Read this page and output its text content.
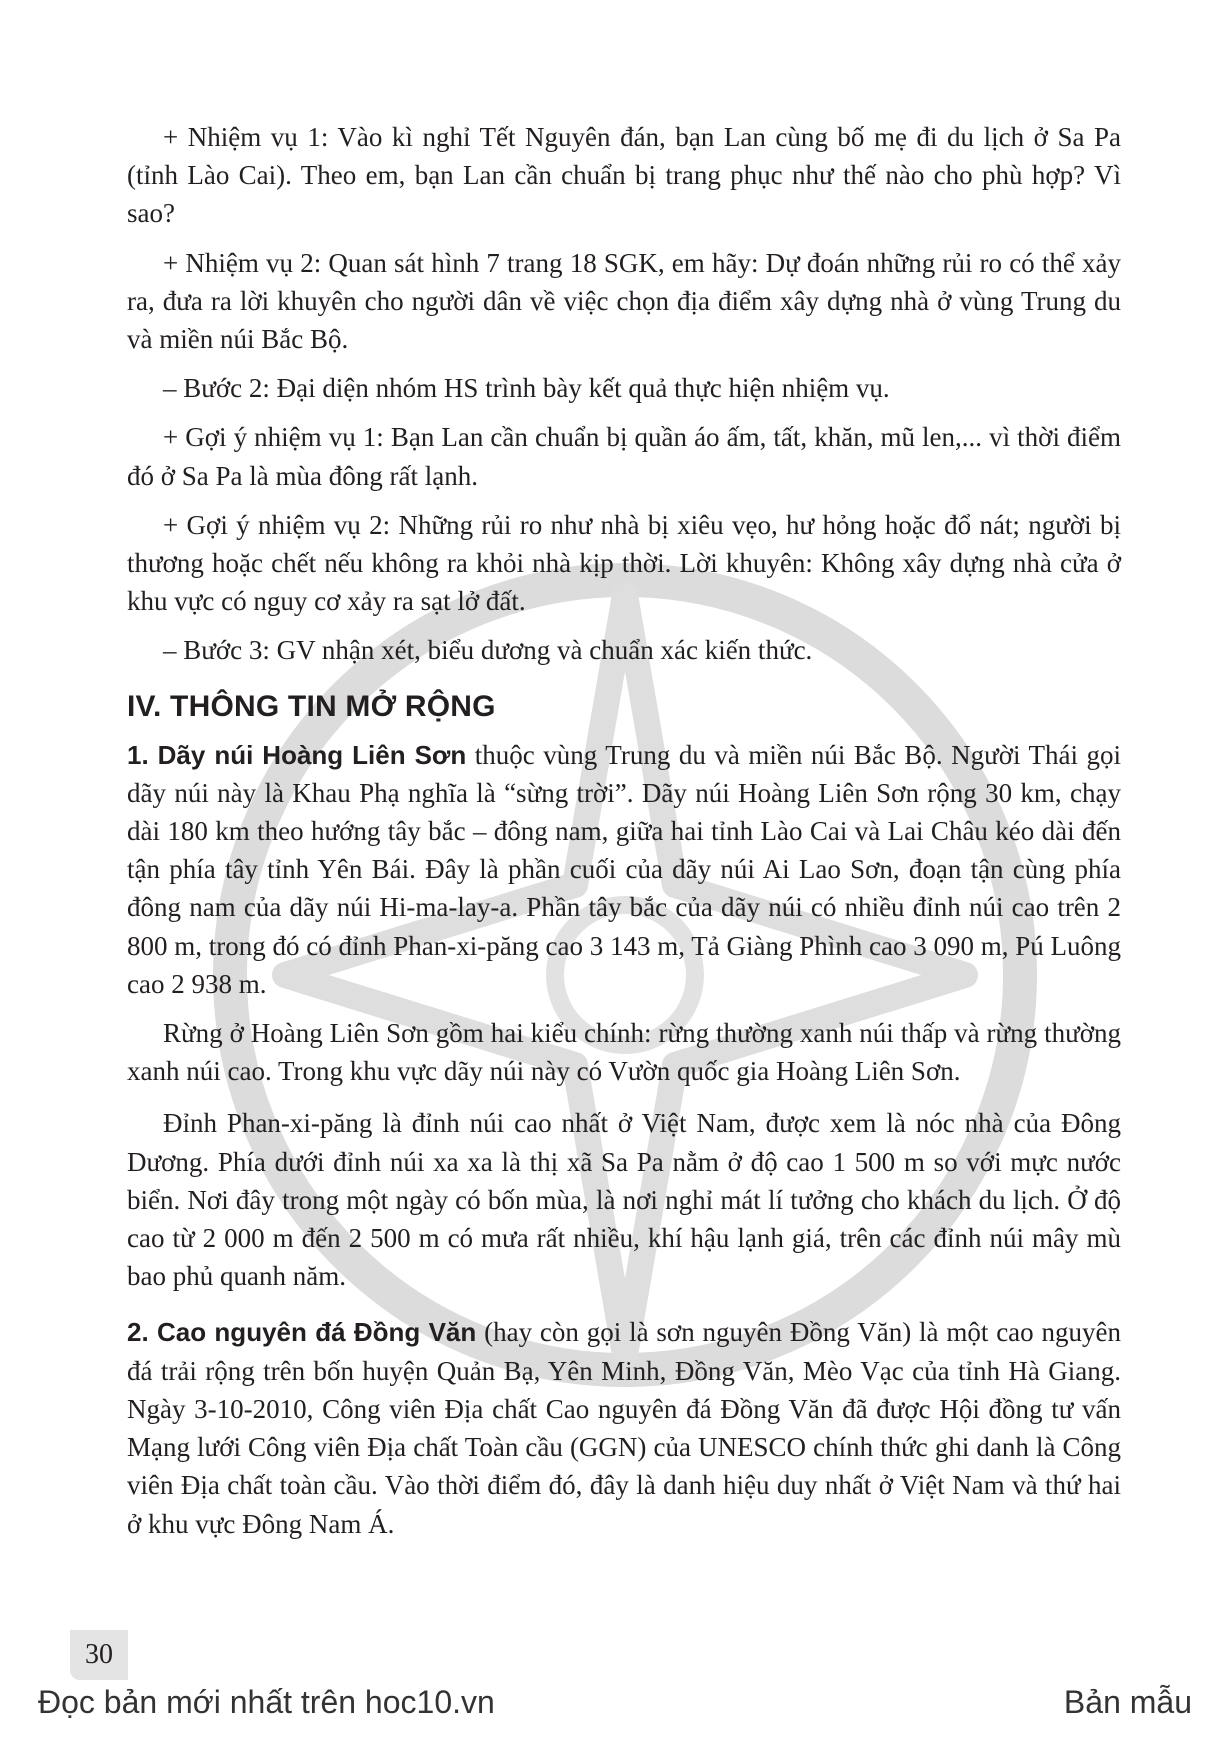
+ Nhiệm vụ 1: Vào kì nghỉ Tết Nguyên đán, bạn Lan cùng bố mẹ đi du lịch ở Sa Pa (tỉnh Lào Cai). Theo em, bạn Lan cần chuẩn bị trang phục như thế nào cho phù hợp? Vì sao?

+ Nhiệm vụ 2: Quan sát hình 7 trang 18 SGK, em hãy: Dự đoán những rủi ro có thể xảy ra, đưa ra lời khuyên cho người dân về việc chọn địa điểm xây dựng nhà ở vùng Trung du và miền núi Bắc Bộ.

– Bước 2: Đại diện nhóm HS trình bày kết quả thực hiện nhiệm vụ.

+ Gợi ý nhiệm vụ 1: Bạn Lan cần chuẩn bị quần áo ấm, tất, khăn, mũ len,... vì thời điểm đó ở Sa Pa là mùa đông rất lạnh.

+ Gợi ý nhiệm vụ 2: Những rủi ro như nhà bị xiêu vẹo, hư hỏng hoặc đổ nát; người bị thương hoặc chết nếu không ra khỏi nhà kịp thời. Lời khuyên: Không xây dựng nhà cửa ở khu vực có nguy cơ xảy ra sạt lở đất.

– Bước 3: GV nhận xét, biểu dương và chuẩn xác kiến thức.

IV. THÔNG TIN MỞ RỘNG

1. Dãy núi Hoàng Liên Sơn thuộc vùng Trung du và miền núi Bắc Bộ. Người Thái gọi dãy núi này là Khau Phạ nghĩa là “sừng trời”. Dãy núi Hoàng Liên Sơn rộng 30 km, chạy dài 180 km theo hướng tây bắc – đông nam, giữa hai tỉnh Lào Cai và Lai Châu kéo dài đến tận phía tây tỉnh Yên Bái. Đây là phần cuối của dãy núi Ai Lao Sơn, đoạn tận cùng phía đông nam của dãy núi Hi-ma-lay-a. Phần tây bắc của dãy núi có nhiều đỉnh núi cao trên 2 800 m, trong đó có đỉnh Phan-xi-păng cao 3 143 m, Tả Giàng Phình cao 3 090 m, Pú Luông cao 2 938 m.

Rừng ở Hoàng Liên Sơn gồm hai kiểu chính: rừng thường xanh núi thấp và rừng thường xanh núi cao. Trong khu vực dãy núi này có Vườn quốc gia Hoàng Liên Sơn.

Đỉnh Phan-xi-păng là đỉnh núi cao nhất ở Việt Nam, được xem là nóc nhà của Đông Dương. Phía dưới đỉnh núi xa xa là thị xã Sa Pa nằm ở độ cao 1 500 m so với mực nước biển. Nơi đây trong một ngày có bốn mùa, là nơi nghỉ mát lí tưởng cho khách du lịch. Ở độ cao từ 2 000 m đến 2 500 m có mưa rất nhiều, khí hậu lạnh giá, trên các đỉnh núi mây mù bao phủ quanh năm.

2. Cao nguyên đá Đồng Văn (hay còn gọi là sơn nguyên Đồng Văn) là một cao nguyên đá trải rộng trên bốn huyện Quản Bạ, Yên Minh, Đồng Văn, Mèo Vạc của tỉnh Hà Giang. Ngày 3-10-2010, Công viên Địa chất Cao nguyên đá Đồng Văn đã được Hội đồng tư vấn Mạng lưới Công viên Địa chất Toàn cầu (GGN) của UNESCO chính thức ghi danh là Công viên Địa chất toàn cầu. Vào thời điểm đó, đây là danh hiệu duy nhất ở Việt Nam và thứ hai ở khu vực Đông Nam Á.

30
Đọc bản mới nhất trên hoc10.vn	Bản mẫu
